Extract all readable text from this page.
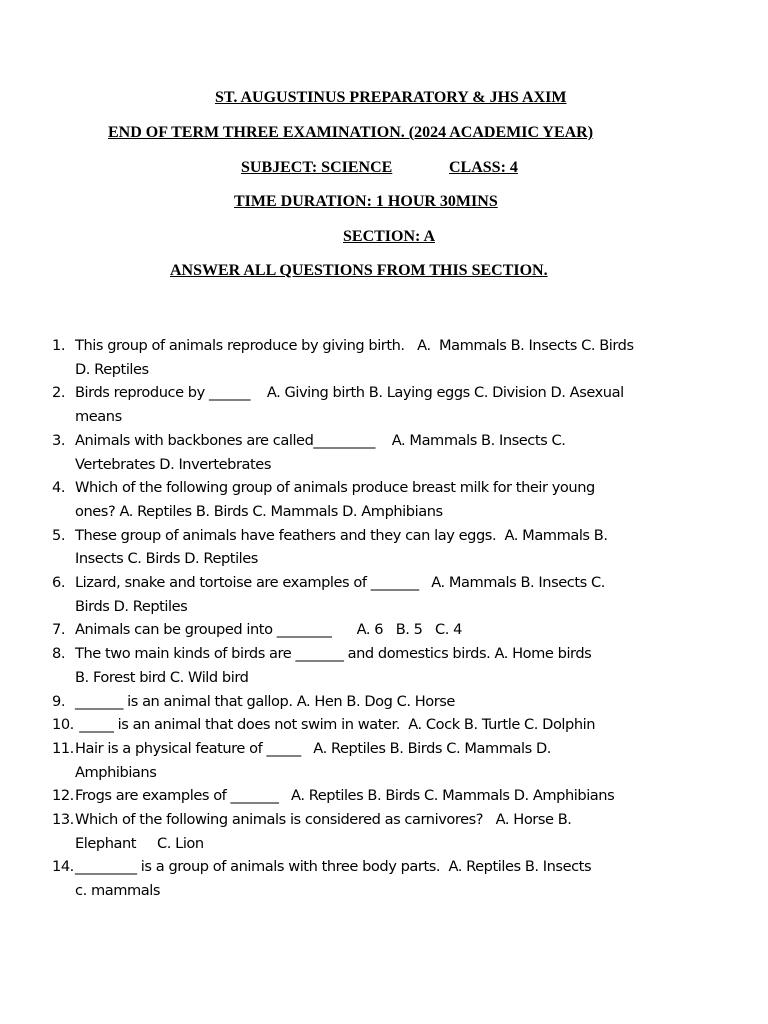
ST. AUGUSTINUS PREPARATORY & JHS AXIM
END OF TERM THREE EXAMINATION. (2024 ACADEMIC YEAR)
SUBJECT: SCIENCE	CLASS: 4
TIME DURATION: 1 HOUR 30MINS
SECTION: A
ANSWER ALL QUESTIONS FROM THIS SECTION.
1. This group of animals reproduce by giving birth.   A.  Mammals B. Insects C. Birds
D. Reptiles
2. Birds reproduce by ______    A. Giving birth B. Laying eggs C. Division D. Asexual
means
3. Animals with backbones are called_________    A. Mammals B. Insects C.
Vertebrates D. Invertebrates
4. Which of the following group of animals produce breast milk for their young
ones? A. Reptiles B. Birds C. Mammals D. Amphibians
5. These group of animals have feathers and they can lay eggs.  A. Mammals B.
Insects C. Birds D. Reptiles
6. Lizard, snake and tortoise are examples of _______   A. Mammals B. Insects C.
Birds D. Reptiles
7. Animals can be grouped into ________      A. 6   B. 5   C. 4
8. The two main kinds of birds are _______ and domestics birds. A. Home birds
B. Forest bird C. Wild bird
9. _______ is an animal that gallop. A. Hen B. Dog C. Horse
10. _____ is an animal that does not swim in water.  A. Cock B. Turtle C. Dolphin
11. Hair is a physical feature of _____   A. Reptiles B. Birds C. Mammals D.
Amphibians
12. Frogs are examples of _______   A. Reptiles B. Birds C. Mammals D. Amphibians
13. Which of the following animals is considered as carnivores?   A. Horse B.
Elephant     C. Lion
14. _________ is a group of animals with three body parts.  A. Reptiles B. Insects
c. mammals
